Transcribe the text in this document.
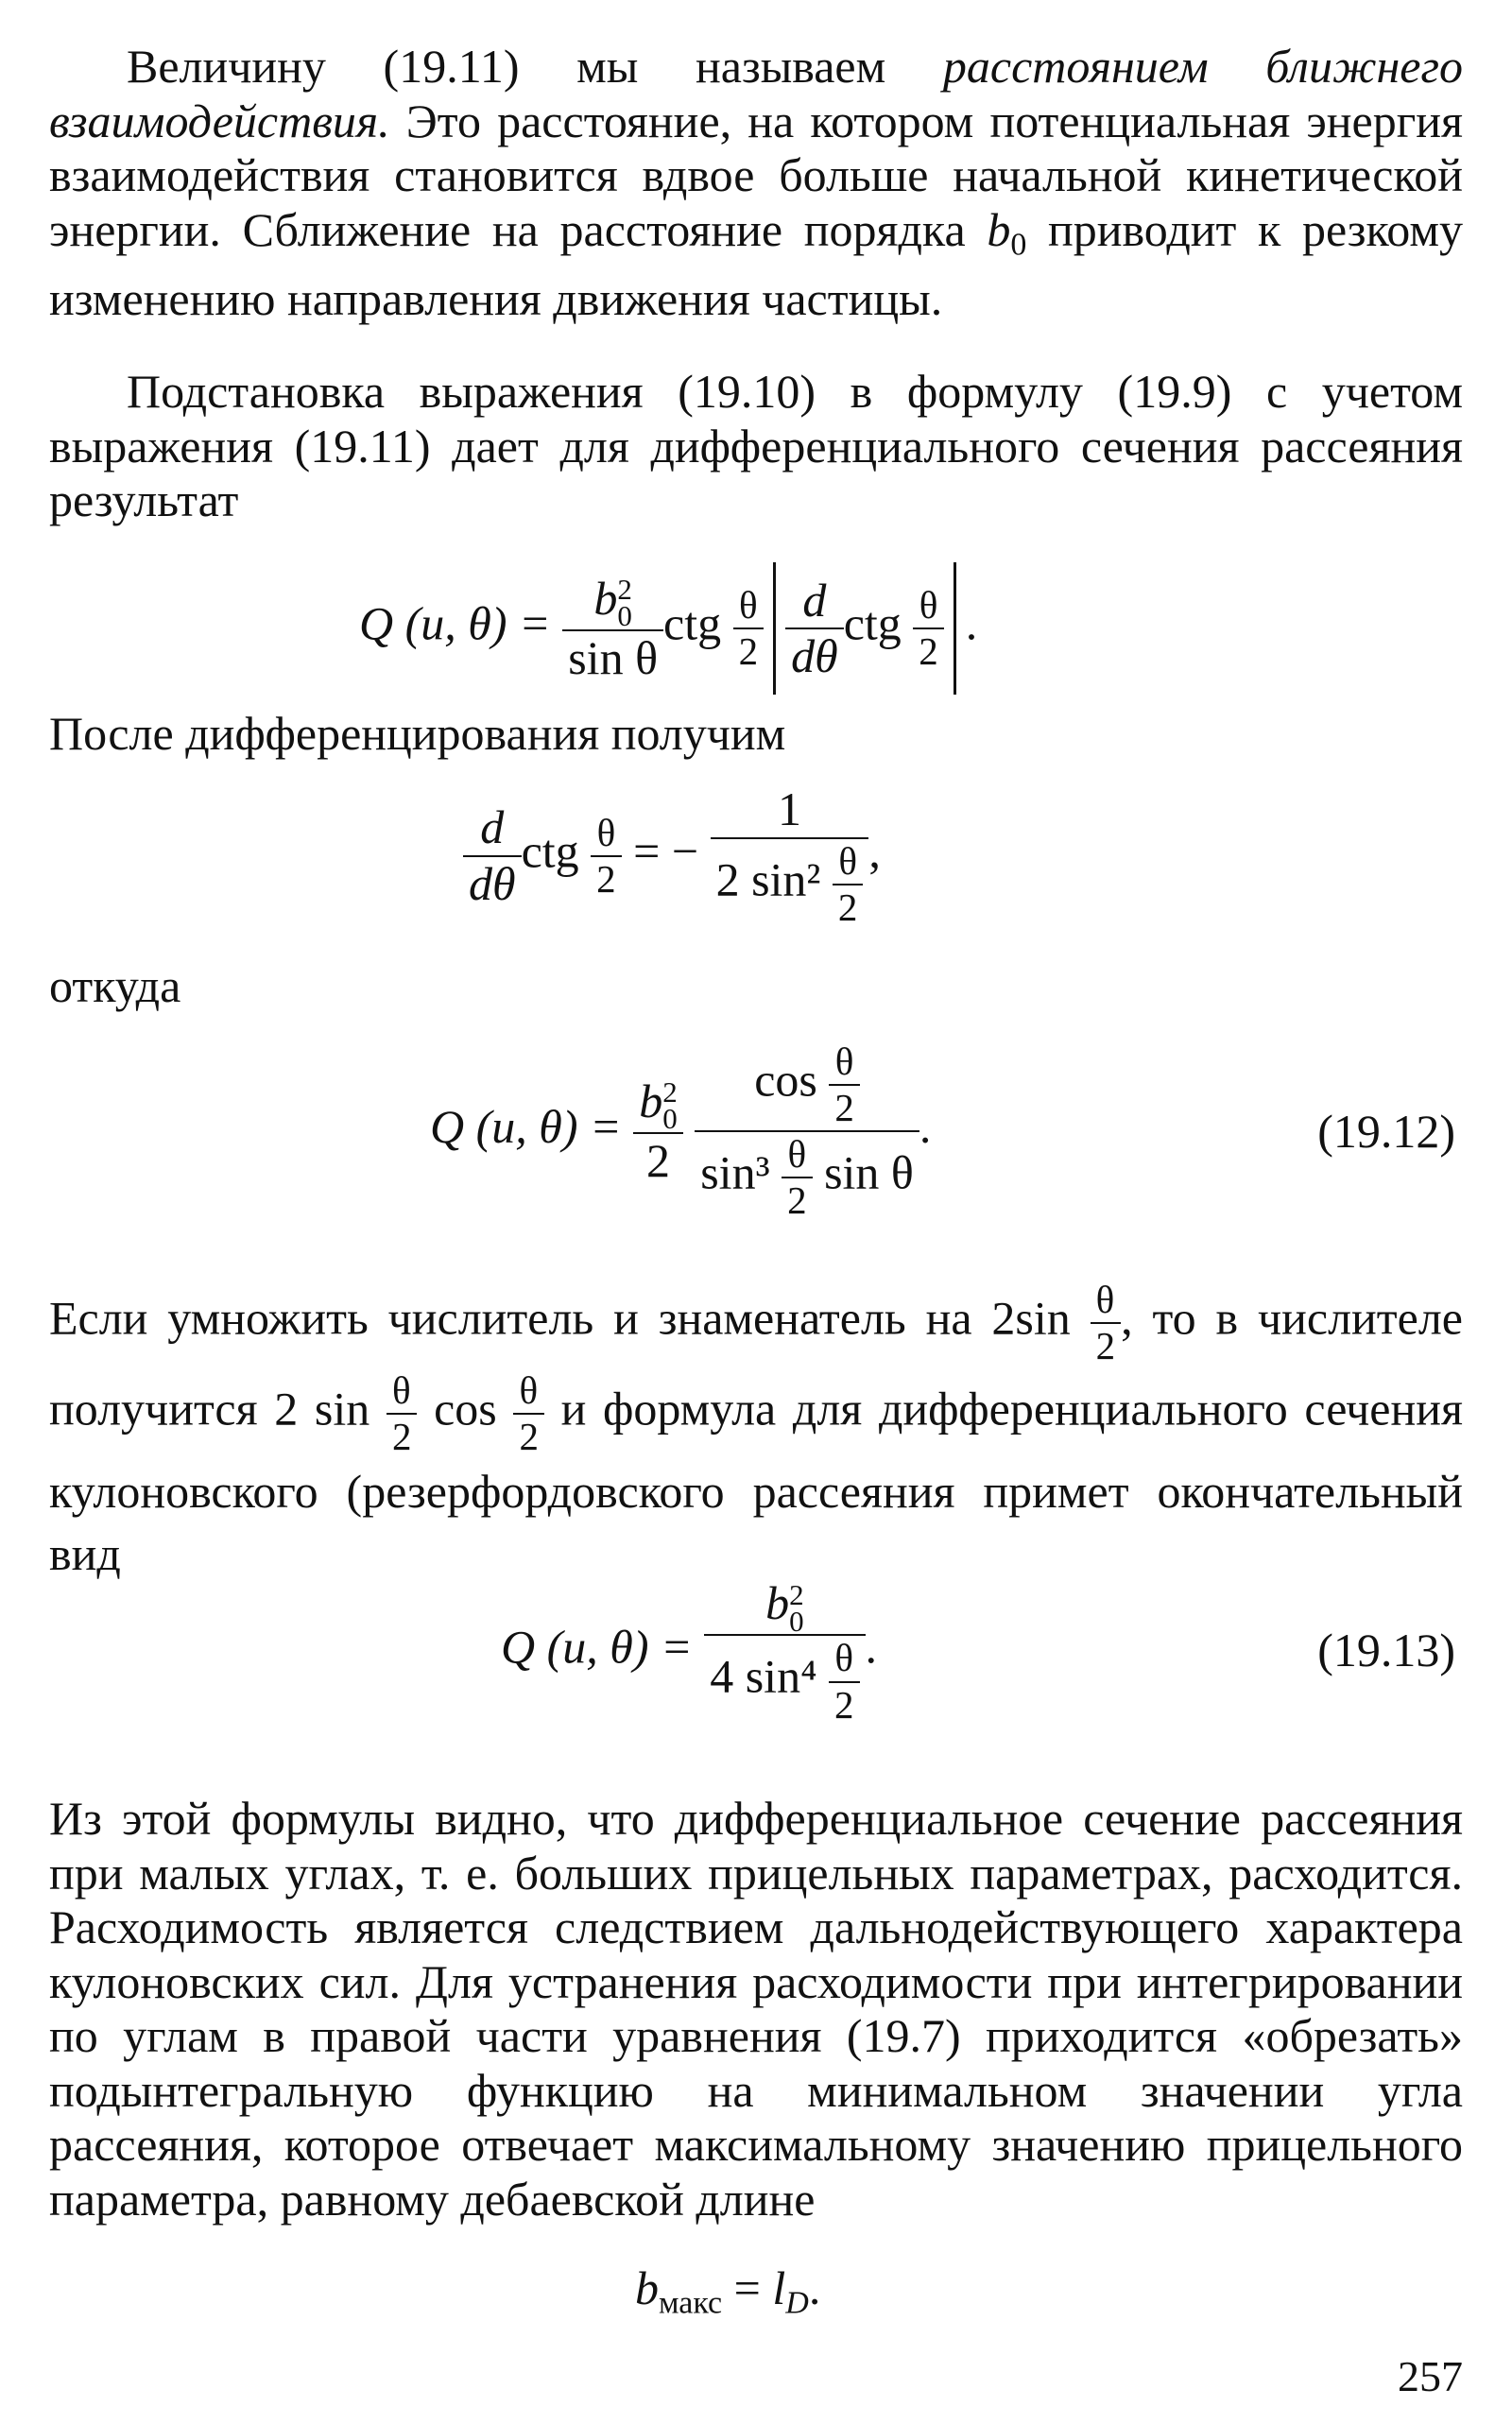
Величину (19.11) мы называем расстоянием ближнего взаимодействия. Это расстояние, на котором потенциальная энергия взаимодействия становится вдвое больше начальной кинетической энергии. Сближение на расстояние порядка $b_0$ приводит к резкому изменению направления движения частицы.

Подстановка выражения (19.10) в формулу (19.9) с учетом выражения (19.11) дает для дифференциального сечения рассеяния результат

Q (u, θ) = b 2
0
sin θ ctg $\frac{\theta}{2} \frac{d}{d\theta}$ ctg $\frac{\theta}{2}$ .

После дифференцирования получим

$\frac{d}{d\theta}$ ctg $\frac{\theta}{2}$ = − $\frac{1}{2 \sin^2 \frac{\theta}{2}}$ ,

откуда

Q (u, θ) = b 2
0
2
$\frac{\cos \frac{\theta}{2}}{\sin^3 \frac{\theta}{2} \sin \theta}$ .	(19.12)

Если умножить числитель и знаменатель на $2\sin \frac{\theta}{2}$ , то в числителе получится 2 $\sin \frac{\theta}{2}$ $\cos \frac{\theta}{2}$ и формула для дифференциального сечения кулоновского (резерфордовского рассеяния примет окончательный вид

Q (u, θ) = b 2
0
4 $\sin^4 \frac{\theta}{2}$ .	(19.13)

Из этой формулы видно, что дифференциальное сечение рассеяния при малых углах, т. е. больших прицельных параметрах, расходится. Расходимость является следствием дальнодействующего характера кулоновских сил. Для устранения расходимости при интегрировании по углам в правой части уравнения (19.7) приходится «обрезать» подынтегральную функцию на минимальном значении угла рассеяния, которое отвечает максимальному значению прицельного параметра, равному дебаевской длине

$b_{макс} = l_D$.
257
